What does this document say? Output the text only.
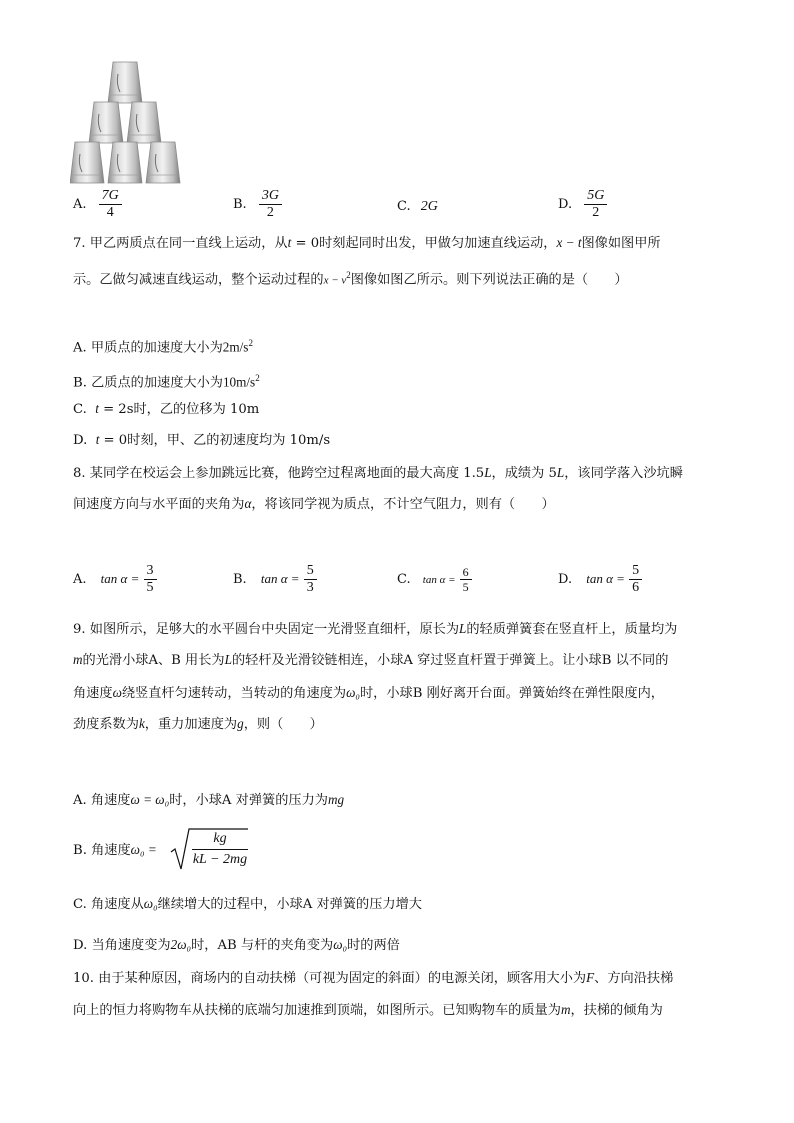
A. $\frac{7G}{4}$	B. $\frac{3G}{2}$	C. 2G	D. $\frac{5G}{2}$
7. 甲乙两质点在同一直线上运动，从t = 0时刻起同时出发，甲做匀加速直线运动，x − t图像如图甲所
示。乙做匀减速直线运动，整个运动过程的$x - v^2$图像如图乙所示。则下列说法正确的是（　　）
A. 甲质点的加速度大小为$2m/s^2$
B. 乙质点的加速度大小为$10m/s^2$
C. t = 2s时，乙的位移为 10m
D. t = 0时刻，甲、乙的初速度均为 10m/s
8. 某同学在校运会上参加跳远比赛，他跨空过程离地面的最大高度 1.5L，成绩为 5L，该同学落入沙坑瞬
间速度方向与水平面的夹角为α，将该同学视为质点，不计空气阻力，则有（　　）
A. $\tan \alpha = \frac{3}{5}$	B. $\tan \alpha = \frac{5}{3}$	C. $\tan \alpha = \frac{6}{5}$	D. $\tan \alpha = \frac{5}{6}$
9. 如图所示，足够大的水平圆台中央固定一光滑竖直细杆，原长为L的轻质弹簧套在竖直杆上，质量均为
m的光滑小球A、B 用长为L的轻杆及光滑铰链相连，小球A 穿过竖直杆置于弹簧上。让小球B 以不同的
角速度ω绕竖直杆匀速转动，当转动的角速度为ω₀时，小球B 刚好离开台面。弹簧始终在弹性限度内，
劲度系数为k，重力加速度为g，则（　　）
A. 角速度ω = ω₀时，小球A 对弹簧的压力为mg
B. 角速度ω₀ =
kg
kL − 2mg
C. 角速度从ω₀继续增大的过程中，小球A 对弹簧的压力增大
D. 当角速度变为2ω₀时，AB 与杆的夹角变为ω₀时的两倍
10. 由于某种原因，商场内的自动扶梯（可视为固定的斜面）的电源关闭，顾客用大小为F、方向沿扶梯
向上的恒力将购物车从扶梯的底端匀加速推到顶端，如图所示。已知购物车的质量为m，扶梯的倾角为
